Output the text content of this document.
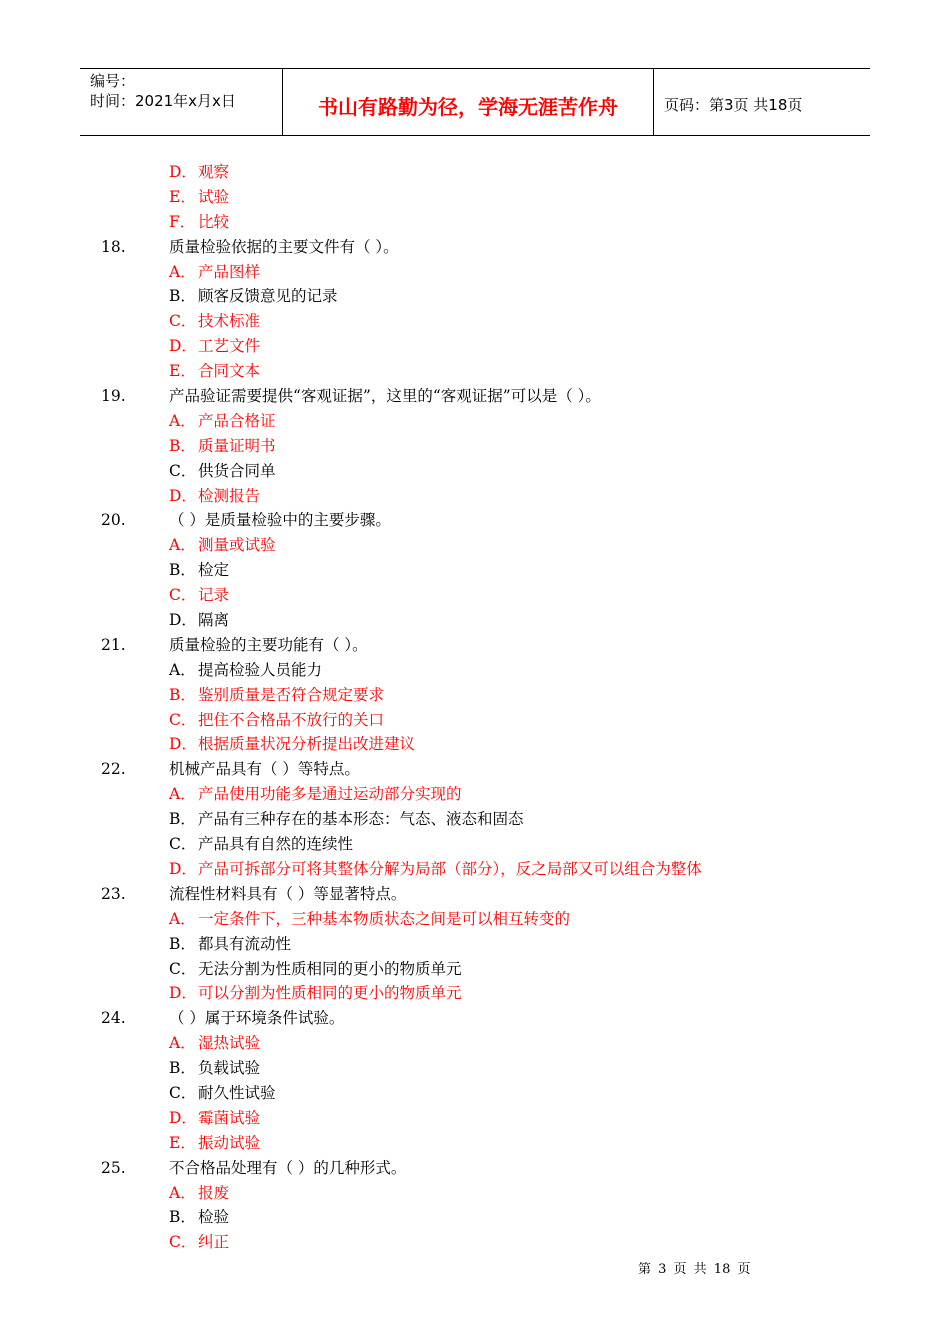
编号：
时间：2021年x月x日	书山有路勤为径，学海无涯苦作舟	页码：第3页 共18页
D．观察
E． 试验
F． 比较
18.	质量检验依据的主要文件有（ ）。
A． 产品图样
B． 顾客反馈意见的记录
C． 技术标准
D．工艺文件
E． 合同文本
19.	产品验证需要提供“客观证据”，这里的“客观证据”可以是（ ）。
A． 产品合格证
B． 质量证明书
C． 供货合同单
D．检测报告
20.	（ ）是质量检验中的主要步骤。
A． 测量或试验
B． 检定
C． 记录
D．隔离
21.	质量检验的主要功能有（ ）。
A． 提高检验人员能力
B． 鉴别质量是否符合规定要求
C． 把住不合格品不放行的关口
D．根据质量状况分析提出改进建议
22.	机械产品具有（ ）等特点。
A． 产品使用功能多是通过运动部分实现的
B． 产品有三种存在的基本形态：气态、液态和固态
C． 产品具有自然的连续性
D．产品可拆部分可将其整体分解为局部（部分），反之局部又可以组合为整体
23.	流程性材料具有（ ）等显著特点。
A． 一定条件下，三种基本物质状态之间是可以相互转变的
B． 都具有流动性
C． 无法分割为性质相同的更小的物质单元
D．可以分割为性质相同的更小的物质单元
24.	（ ）属于环境条件试验。
A． 湿热试验
B． 负载试验
C． 耐久性试验
D．霉菌试验
E． 振动试验
25.	不合格品处理有（ ）的几种形式。
A． 报废
B． 检验
C． 纠正
第 3 页 共 18 页
